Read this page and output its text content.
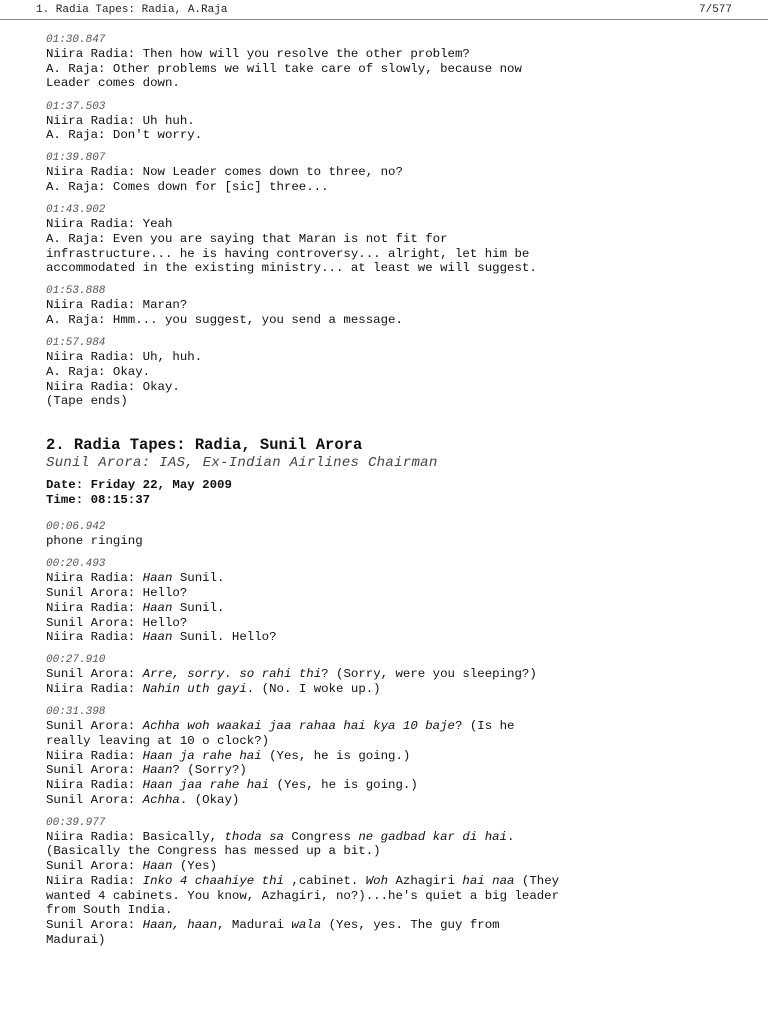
1. Radia Tapes: Radia, A.Raja	7/577
01:30.847
Niira Radia: Then how will you resolve the other problem?
A. Raja: Other problems we will take care of slowly, because now
Leader comes down.
01:37.503
Niira Radia: Uh huh.
A. Raja: Don't worry.
01:39.807
Niira Radia: Now Leader comes down to three, no?
A. Raja: Comes down for [sic] three...
01:43.902
Niira Radia: Yeah
A. Raja: Even you are saying that Maran is not fit for
infrastructure... he is having controversy... alright, let him be
accommodated in the existing ministry... at least we will suggest.
01:53.888
Niira Radia: Maran?
A. Raja: Hmm... you suggest, you send a message.
01:57.984
Niira Radia: Uh, huh.
A. Raja: Okay.
Niira Radia: Okay.
(Tape ends)
2. Radia Tapes: Radia, Sunil Arora
Sunil Arora: IAS, Ex-Indian Airlines Chairman
Date: Friday 22, May 2009
Time: 08:15:37
00:06.942
phone ringing
00:20.493
Niira Radia: Haan Sunil.
Sunil Arora: Hello?
Niira Radia: Haan Sunil.
Sunil Arora: Hello?
Niira Radia: Haan Sunil. Hello?
00:27.910
Sunil Arora: Arre, sorry. so rahi thi? (Sorry, were you sleeping?)
Niira Radia: Nahin uth gayi. (No. I woke up.)
00:31.398
Sunil Arora: Achha woh waakai jaa rahaa hai kya 10 baje? (Is he
really leaving at 10 o clock?)
Niira Radia: Haan ja rahe hai (Yes, he is going.)
Sunil Arora: Haan? (Sorry?)
Niira Radia: Haan jaa rahe hai (Yes, he is going.)
Sunil Arora: Achha. (Okay)
00:39.977
Niira Radia: Basically, thoda sa Congress ne gadbad kar di hai.
(Basically the Congress has messed up a bit.)
Sunil Arora: Haan (Yes)
Niira Radia: Inko 4 chaahiye thi ,cabinet. Woh Azhagiri hai naa (They
wanted 4 cabinets. You know, Azhagiri, no?)...he's quiet a big leader
from South India.
Sunil Arora: Haan, haan, Madurai wala (Yes, yes. The guy from
Madurai)
